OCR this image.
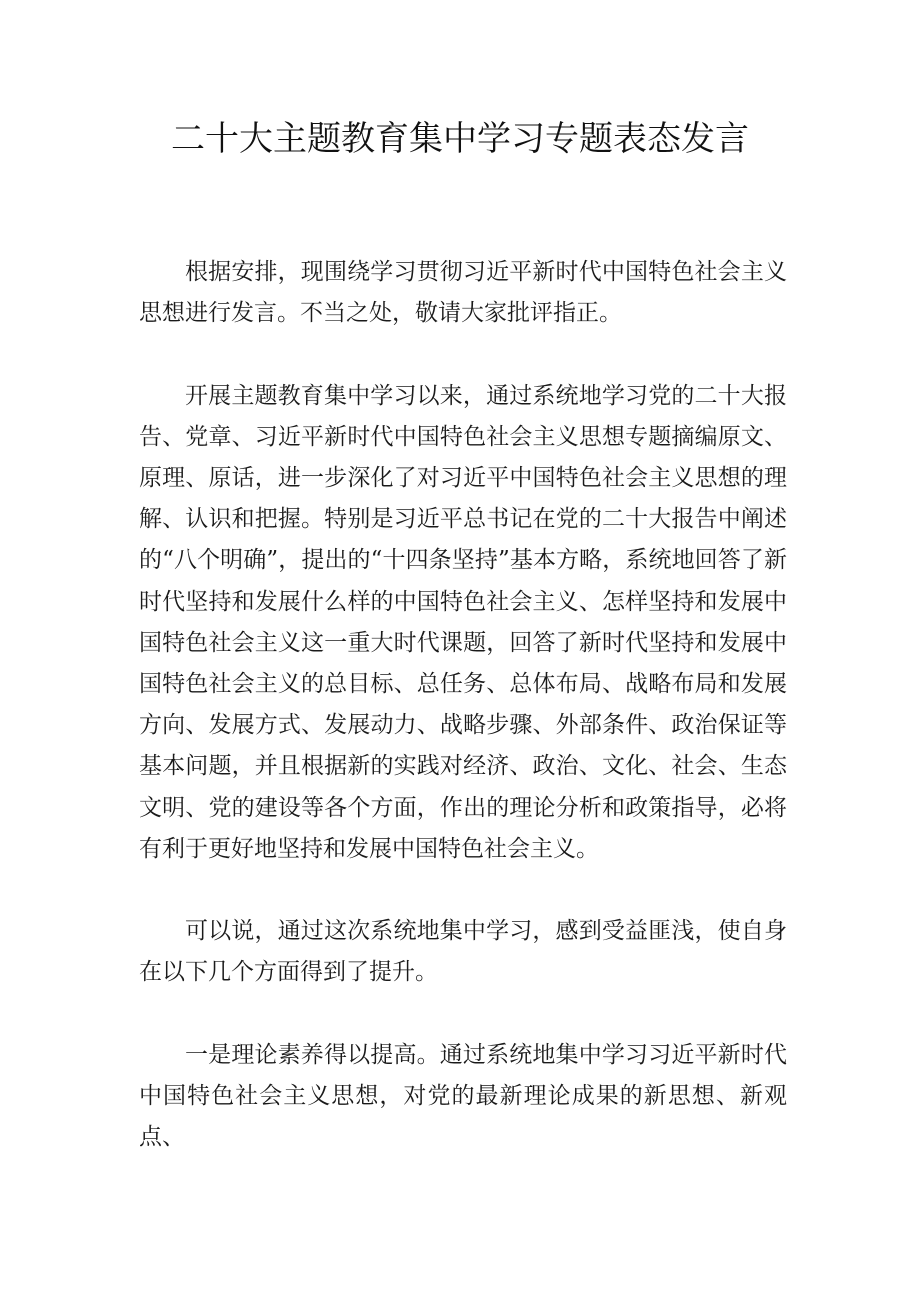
二十大主题教育集中学习专题表态发言

根据安排，现围绕学习贯彻习近平新时代中国特色社会主义思想进行发言。不当之处，敬请大家批评指正。

开展主题教育集中学习以来，通过系统地学习党的二十大报告、党章、习近平新时代中国特色社会主义思想专题摘编原文、原理、原话，进一步深化了对习近平中国特色社会主义思想的理解、认识和把握。特别是习近平总书记在党的二十大报告中阐述的“八个明确”，提出的“十四条坚持”基本方略，系统地回答了新时代坚持和发展什么样的中国特色社会主义、怎样坚持和发展中国特色社会主义这一重大时代课题，回答了新时代坚持和发展中国特色社会主义的总目标、总任务、总体布局、战略布局和发展方向、发展方式、发展动力、战略步骤、外部条件、政治保证等基本问题，并且根据新的实践对经济、政治、文化、社会、生态文明、党的建设等各个方面，作出的理论分析和政策指导，必将有利于更好地坚持和发展中国特色社会主义。

可以说，通过这次系统地集中学习，感到受益匪浅，使自身在以下几个方面得到了提升。

一是理论素养得以提高。通过系统地集中学习习近平新时代中国特色社会主义思想，对党的最新理论成果的新思想、新观点、
